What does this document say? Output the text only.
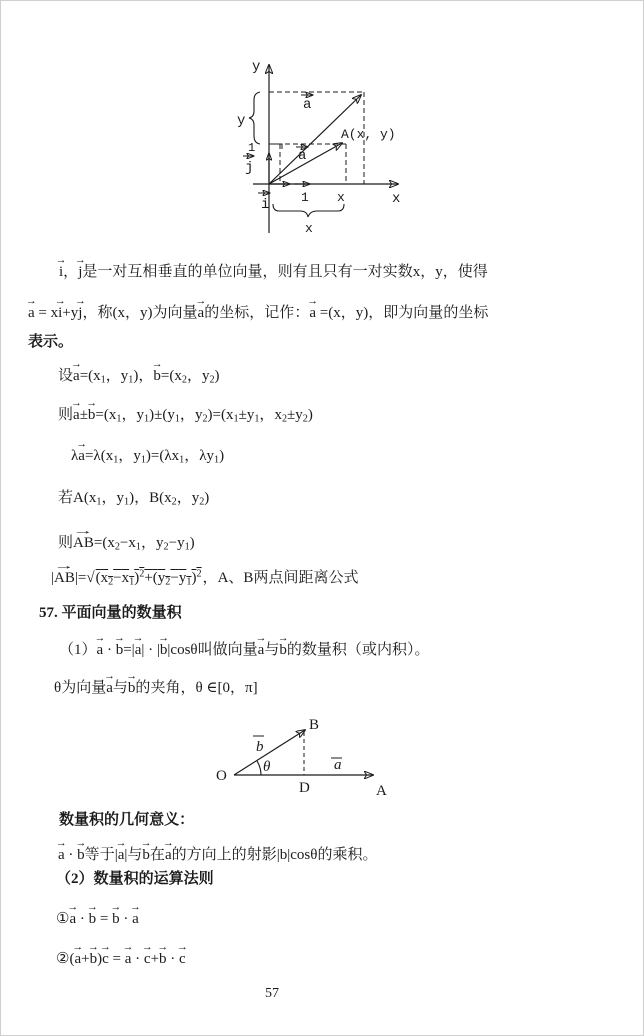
y
x
a
a
j
i
A(x, y)
1
1 x
y
x
→
i，
→
j是一对互相垂直的单位向量，则有且只有一对实数x，y，使得
→
a = x
→
i+y
→
j，称(x，y)为向量
→
a的坐标，记作：
→
a =(x，y)，即为向量的坐标
表示。
设
→
$a=(x_1$，$y_1$)，
→
$b=(x_2$，$y_2$)
则
→
a±
→
$b=(x_1$，$y_1)\pm(y_1$，$y_2)=(x_1\pm y_1$，$x_2\pm y_2$)
λ
→
$a=\lambda(x_1$，$y_1)=(\lambda x_1$，$\lambda y_1$)
若$A(x_1$，$y_1$)，$B(x_2$，$y_2$)
则
→
$AB=(x_2-x_1$，$y_2-y_1$)
|
→
$AB|=√(x_2-x_1)^2+(y_2-y_1)^2$，A、B两点间距离公式
57. 平面向量的数量积
（1）
→
a ·
→
b=|
→
a| · |
→
b|cosθ叫做向量
→
a与
→
b的数量积（或内积）。
θ为向量
→
a与
→
b的夹角，θ ∈[0，π]
O
A
B
D
b
a
θ
数量积的几何意义：
→
a ·
→
b等于|
→
a|与
→
b在
→
a的方向上的射影|b|cosθ的乘积。
（2）数量积的运算法则
①
→
a ·
→
b =
→
b ·
→
a
②(
→
a+
→
b)
→
c =
→
a ·
→
c+
→
b ·
→
c
57
